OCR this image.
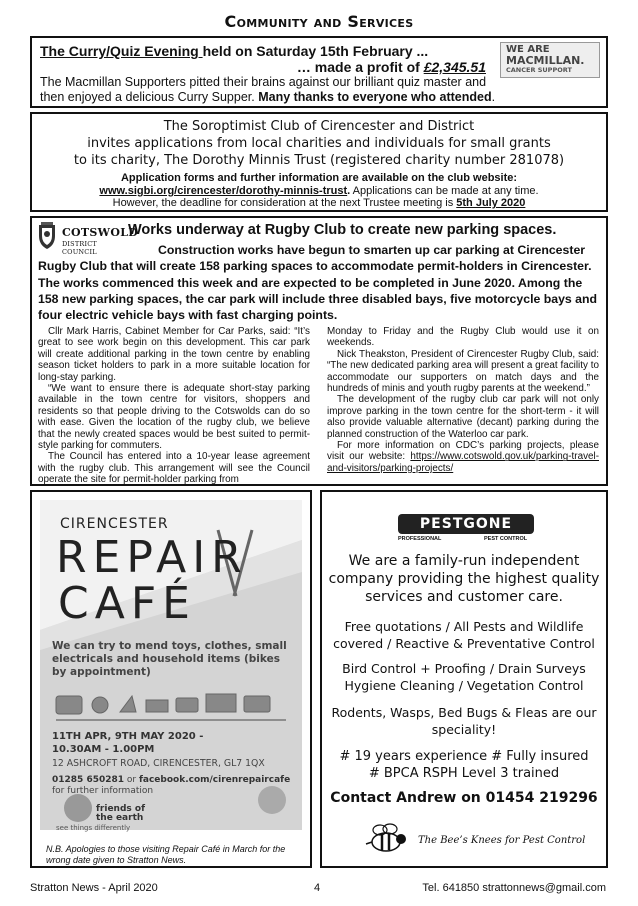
Community and Services
The Curry/Quiz Evening held on Saturday 15th February ...
… made a profit of £2,345.51
The Macmillan Supporters pitted their brains against our brilliant quiz master and then enjoyed a delicious Curry Supper. Many thanks to everyone who attended.
WE ARE
MACMILLAN.
CANCER SUPPORT
The Soroptimist Club of Cirencester and District
invites applications from local charities and individuals for small grants
to its charity, The Dorothy Minnis Trust (registered charity number 281078)
Application forms and further information are available on the club website: www.sigbi.org/cirencester/dorothy-minnis-trust. Applications can be made at any time.
However, the deadline for consideration at the next Trustee meeting is 5th July 2020
COTSWOLD
DISTRICT COUNCIL
Works underway at Rugby Club to create new parking spaces.
Construction works have begun to smarten up car parking at Cirencester Rugby Club that will create 158 parking spaces to accommodate permit-holders in Cirencester.
The works commenced this week and are expected to be completed in June 2020. Among the 158 new parking spaces, the car park will include three disabled bays, five motorcycle bays and four electric vehicle bays with fast charging points.

Cllr Mark Harris, Cabinet Member for Car Parks, said: “It’s great to see work begin on this development. This car park will create additional parking in the town centre by enabling season ticket holders to park in a more suitable location for long-stay parking.

“We want to ensure there is adequate short-stay parking available in the town centre for visitors, shoppers and residents so that people driving to the Cotswolds can do so with ease. Given the location of the rugby club, we believe that the newly created spaces would be best suited to permit-style parking for commuters.

The Council has entered into a 10-year lease agreement with the rugby club. This arrangement will see the Council operate the site for permit-holder parking from

Monday to Friday and the Rugby Club would use it on weekends.

Nick Theakston, President of Cirencester Rugby Club, said: “The new dedicated parking area will present a great facility to accommodate our supporters on match days and the hundreds of minis and youth rugby parents at the weekend.”

The development of the rugby club car park will not only improve parking in the town centre for the short-term - it will also provide valuable alternative (decant) parking during the planned construction of the Waterloo car park.

For more information on CDC’s parking projects, please visit our website: https://www.cotswold.gov.uk/parking-travel-and-visitors/parking-projects/

CIRENCESTER
REPAIR
CAFÉ
We can try to mend toys, clothes, small electricals and household items (bikes by appointment)
11TH APR, 9TH MAY 2020 -
10.30AM - 1.00PM
12 ASHCROFT ROAD, CIRENCESTER, GL7 1QX
01285 650281 or facebook.com/cirenrepaircafe
for further information
friends of
the earth
see things differently
N.B. Apologies to those visiting Repair Café in March for the wrong date given to Stratton News.
PESTGONE
PROFESSIONAL	PEST CONTROL
We are a family-run independent company providing the highest quality services and customer care.
Free quotations / All Pests and Wildlife covered / Reactive & Preventative Control
Bird Control + Proofing / Drain Surveys Hygiene Cleaning / Vegetation Control
Rodents, Wasps, Bed Bugs & Fleas are our speciality!
# 19 years experience # Fully insured
# BPCA RSPH Level 3 trained
Contact Andrew on 01454 219296
The Bee’s Knees for Pest Control
Stratton News - April 2020	4	Tel. 641850 strattonnews@gmail.com
